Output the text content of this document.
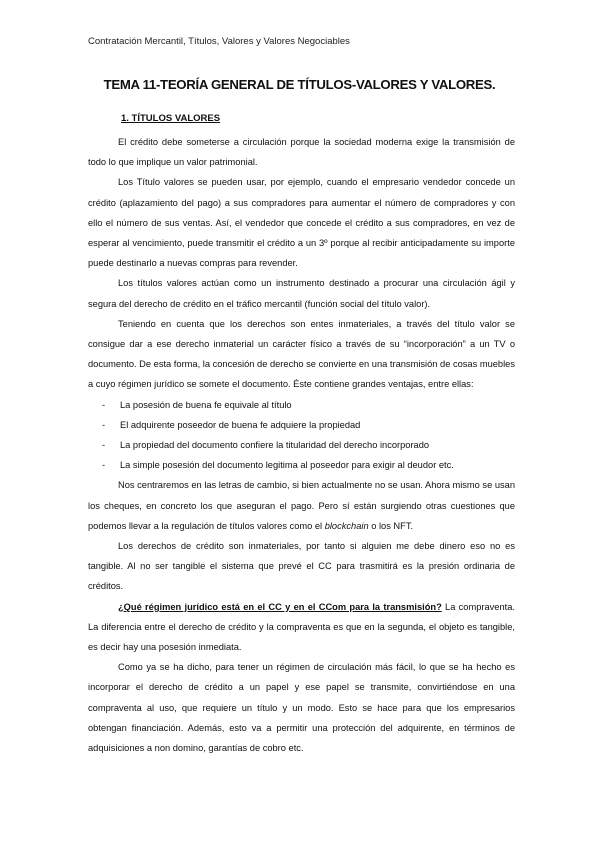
Contratación Mercantil, Títulos, Valores y Valores Negociables
TEMA 11-TEORÍA GENERAL DE TÍTULOS-VALORES Y VALORES.
1. TÍTULOS VALORES

El crédito debe someterse a circulación porque la sociedad moderna exige la transmisión de todo lo que implique un valor patrimonial.

Los Título valores se pueden usar, por ejemplo, cuando el empresario vendedor concede un crédito (aplazamiento del pago) a sus compradores para aumentar el número de compradores y con ello el número de sus ventas. Así, el vendedor que concede el crédito a sus compradores, en vez de esperar al vencimiento, puede transmitir el crédito a un 3º porque al recibir anticipadamente su importe puede destinarlo a nuevas compras para revender.

Los títulos valores actúan como un instrumento destinado a procurar una circulación ágil y segura del derecho de crédito en el tráfico mercantil (función social del título valor).

Teniendo en cuenta que los derechos son entes inmateriales, a través del título valor se consigue dar a ese derecho inmaterial un carácter físico a través de su “incorporación” a un TV o documento. De esta forma, la concesión de derecho se convierte en una transmisión de cosas muebles a cuyo régimen jurídico se somete el documento. Éste contiene grandes ventajas, entre ellas:

-	La posesión de buena fe equivale al título
-	El adquirente poseedor de buena fe adquiere la propiedad
-	La propiedad del documento confiere la titularidad del derecho incorporado
-	La simple posesión del documento legitima al poseedor para exigir al deudor etc.

Nos centraremos en las letras de cambio, si bien actualmente no se usan. Ahora mismo se usan los cheques, en concreto los que aseguran el pago. Pero sí están surgiendo otras cuestiones que podemos llevar a la regulación de títulos valores como el blockchain o los NFT.

Los derechos de crédito son inmateriales, por tanto si alguien me debe dinero eso no es tangible. Al no ser tangible el sistema que prevé el CC para trasmitirá es la presión ordinaria de créditos.

¿Qué régimen jurídico está en el CC y en el CCom para la transmisión? La compraventa. La diferencia entre el derecho de crédito y la compraventa es que en la segunda, el objeto es tangible, es decir hay una posesión inmediata.

Como ya se ha dicho, para tener un régimen de circulación más fácil, lo que se ha hecho es incorporar el derecho de crédito a un papel y ese papel se transmite, convirtiéndose en una compraventa al uso, que requiere un título y un modo. Esto se hace para que los empresarios obtengan financiación. Además, esto va a permitir una protección del adquirente, en términos de adquisiciones a non domino, garantías de cobro etc.
